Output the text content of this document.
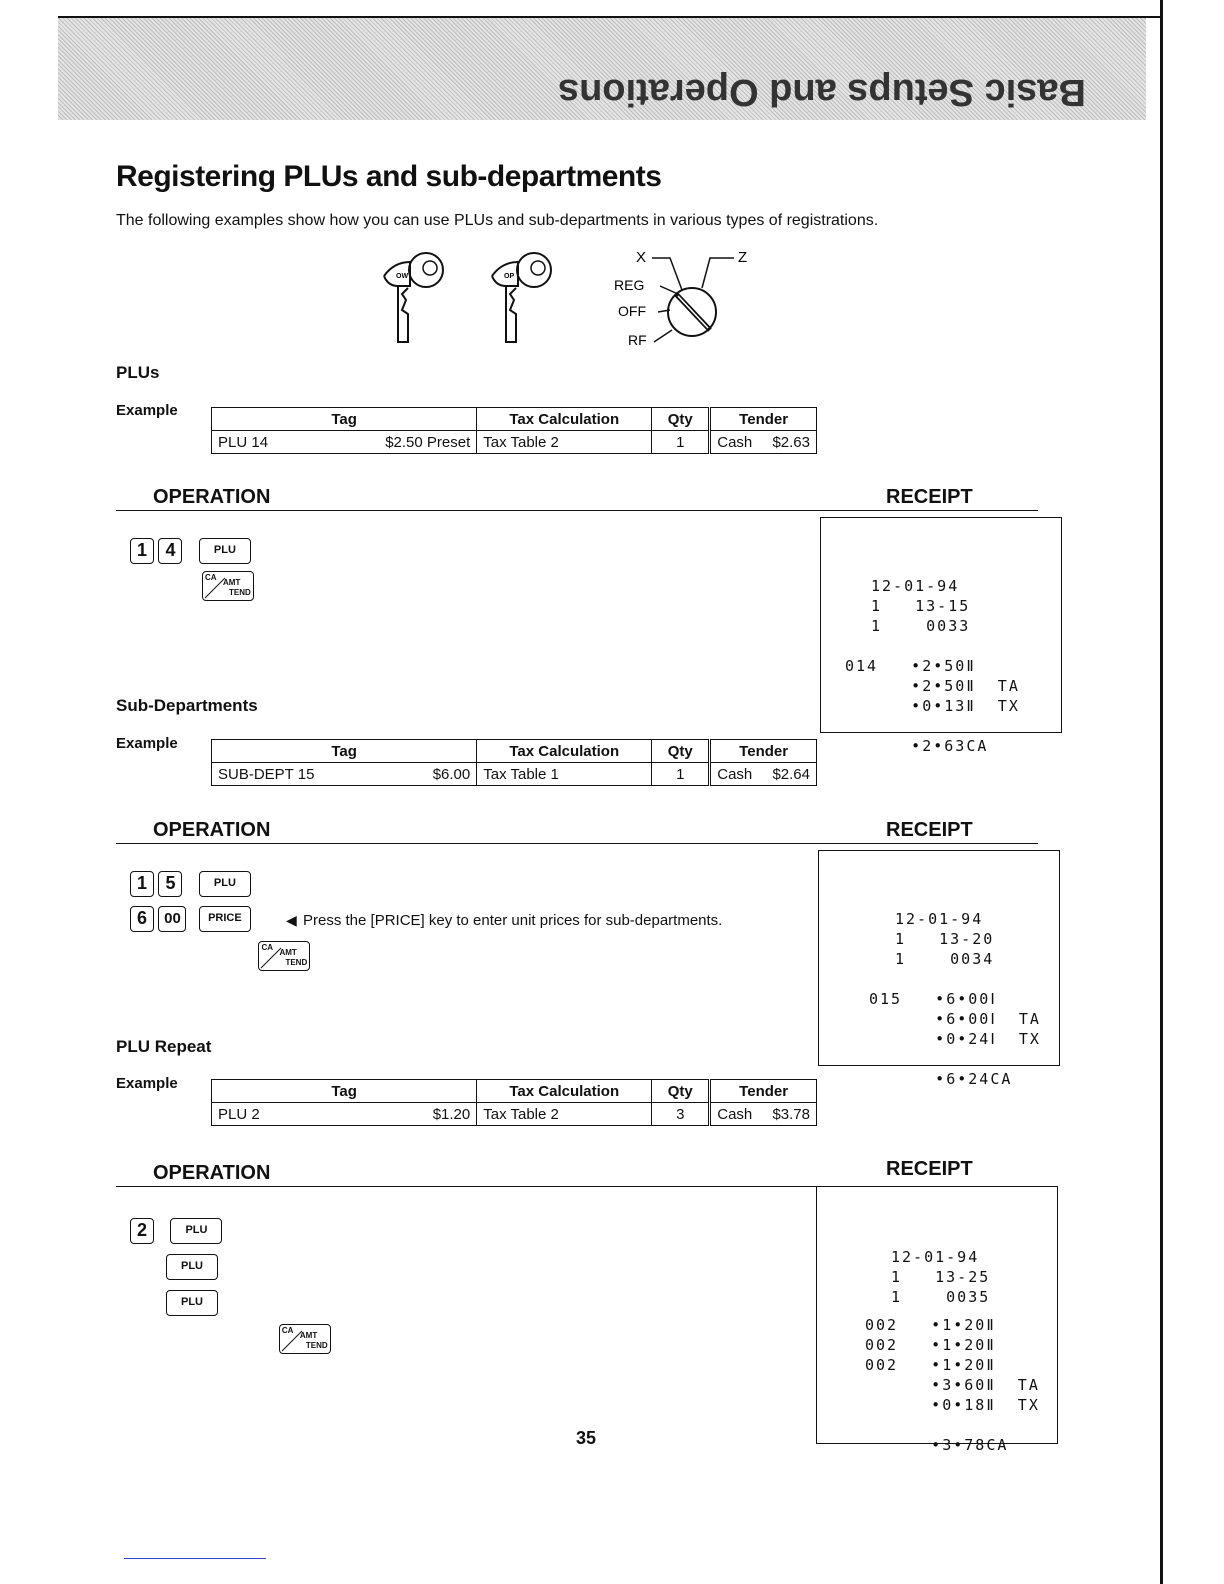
Basic Setups and Operations
Registering PLUs and sub-departments
The following examples show how you can use PLUs and sub-departments in various types of registrations.
OW	OP
X	Z
REG
OFF
RF
PLUs
Example	Tag		Tax Calculation	Qty	Tender	
PLU 14	$2.50 Preset	Tax Table 2	1	Cash	$2.63
OPERATION	RECEIPT
1 4	PLU
CA
AMT
TEND

	12-01-94
1   13-15
1    0033
014   •2•50Ⅱ
•2•50Ⅱ  TA
•0•13Ⅱ  TX
•2•63CA

Sub-Departments
Example	Tag		Tax Calculation	Qty	Tender	
SUB-DEPT 15	$6.00	Tax Table 1	1	Cash	$2.64
OPERATION	RECEIPT
1 5	PLU
6 00 PRICE	◀ Press the [PRICE] key to enter unit prices for sub-departments.
CA
AMT
TEND

12-01-94
1   13-20
1    0034
015   •6•00Ⅰ
•6•00Ⅰ  TA
•0•24Ⅰ  TX
•6•24CA

PLU Repeat
Example	Tag		Tax Calculation	Qty	Tender	
PLU 2	$1.20	Tax Table 2	3	Cash	$3.78
OPERATION	RECEIPT
2	PLU
PLU
PLU
CA
AMT
TEND

12-01-94
1   13-25
1    0035
002   •1•20Ⅱ
002   •1•20Ⅱ
002   •1•20Ⅱ
•3•60Ⅱ  TA
•0•18Ⅱ  TX
•3•78CA

35
